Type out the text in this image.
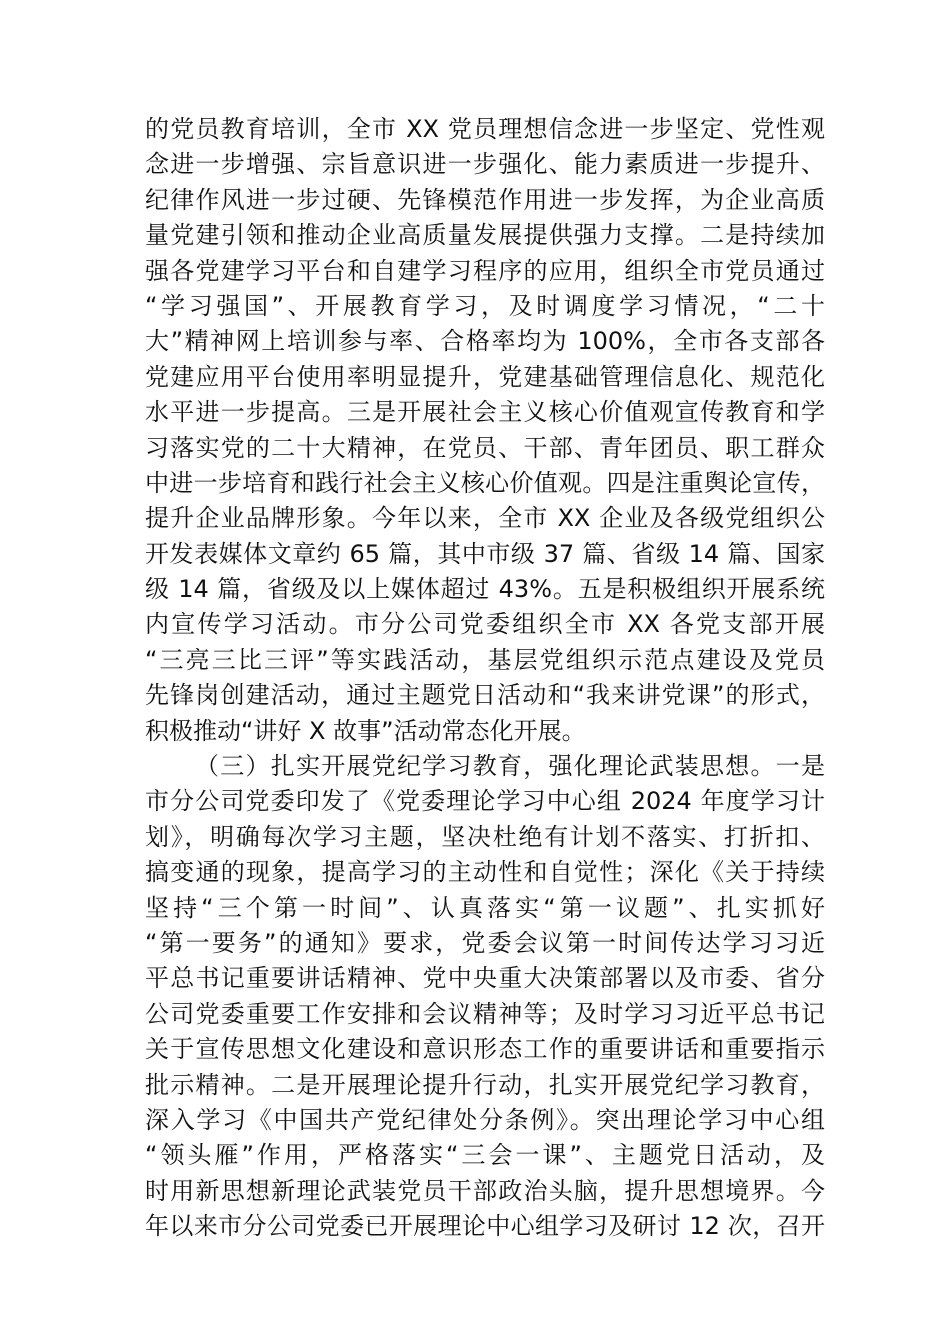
的党员教育培训，全市 XX 党员理想信念进一步坚定、党性观
念进一步增强、宗旨意识进一步强化、能力素质进一步提升、
纪律作风进一步过硬、先锋模范作用进一步发挥，为企业高质
量党建引领和推动企业高质量发展提供强力支撑。二是持续加
强各党建学习平台和自建学习程序的应用，组织全市党员通过
“学习强国”、开展教育学习，及时调度学习情况，“二十
大”精神网上培训参与率、合格率均为 100%，全市各支部各
党建应用平台使用率明显提升，党建基础管理信息化、规范化
水平进一步提高。三是开展社会主义核心价值观宣传教育和学
习落实党的二十大精神，在党员、干部、青年团员、职工群众
中进一步培育和践行社会主义核心价值观。四是注重舆论宣传，
提升企业品牌形象。今年以来，全市 XX 企业及各级党组织公
开发表媒体文章约 65 篇，其中市级 37 篇、省级 14 篇、国家
级 14 篇，省级及以上媒体超过 43%。五是积极组织开展系统
内宣传学习活动。市分公司党委组织全市 XX 各党支部开展
“三亮三比三评”等实践活动，基层党组织示范点建设及党员
先锋岗创建活动，通过主题党日活动和“我来讲党课”的形式，
积极推动“讲好 X 故事”活动常态化开展。
（三）扎实开展党纪学习教育，强化理论武装思想。一是
市分公司党委印发了《党委理论学习中心组 2024 年度学习计
划》，明确每次学习主题，坚决杜绝有计划不落实、打折扣、
搞变通的现象，提高学习的主动性和自觉性；深化《关于持续
坚持“三个第一时间”、认真落实“第一议题”、扎实抓好
“第一要务”的通知》要求，党委会议第一时间传达学习习近
平总书记重要讲话精神、党中央重大决策部署以及市委、省分
公司党委重要工作安排和会议精神等；及时学习习近平总书记
关于宣传思想文化建设和意识形态工作的重要讲话和重要指示
批示精神。二是开展理论提升行动，扎实开展党纪学习教育，
深入学习《中国共产党纪律处分条例》。突出理论学习中心组
“领头雁”作用，严格落实“三会一课”、主题党日活动，及
时用新思想新理论武装党员干部政治头脑，提升思想境界。今
年以来市分公司党委已开展理论中心组学习及研讨 12 次，召开
